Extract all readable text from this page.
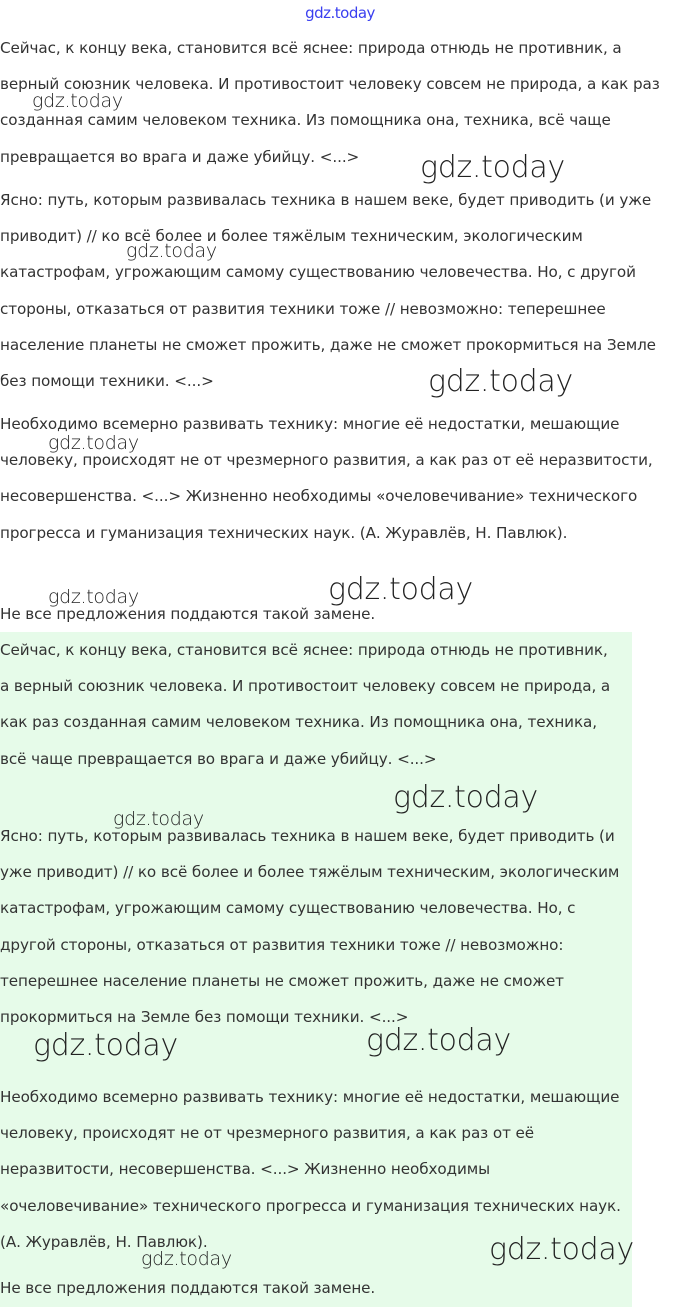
gdz.today

Сейчас, к концу века, становится всё яснее: природа отнюдь не противник, а верный союзник человека. И противостоит человеку совсем не природа, а как раз созданная самим человеком техника. Из помощника она, техника, всё чаще превращается во врага и даже убийцу. <...>

Ясно: путь, которым развивалась техника в нашем веке, будет приводить (и уже приводит) // ко всё более и более тяжёлым техническим, экологическим катастрофам, угрожающим самому существованию человечества. Но, с другой стороны, отказаться от развития техники тоже // невозможно: теперешнее население планеты не сможет прожить, даже не сможет прокормиться на Земле без помощи техники. <...>

Необходимо всемерно развивать технику: многие её недостатки, мешающие человеку, происходят не от чрезмерного развития, а как раз от её неразвитости, несовершенства. <...> Жизненно необходимы «очеловечивание» технического прогресса и гуманизация технических наук. (А. Журавлёв, Н. Павлюк).

Не все предложения поддаются такой замене.

Сейчас, к концу века, становится всё яснее: природа отнюдь не противник, а верный союзник человека. И противостоит человеку совсем не природа, а как раз созданная самим человеком техника. Из помощника она, техника, всё чаще превращается во врага и даже убийцу. <...>

Ясно: путь, которым развивалась техника в нашем веке, будет приводить (и уже приводит) // ко всё более и более тяжёлым техническим, экологическим катастрофам, угрожающим самому существованию человечества. Но, с другой стороны, отказаться от развития техники тоже // невозможно: теперешнее население планеты не сможет прожить, даже не сможет прокормиться на Земле без помощи техники. <...>

Необходимо всемерно развивать технику: многие её недостатки, мешающие человеку, происходят не от чрезмерного развития, а как раз от её неразвитости, несовершенства. <...> Жизненно необходимы «очеловечивание» технического прогресса и гуманизация технических наук. (А. Журавлёв, Н. Павлюк).

Не все предложения поддаются такой замене.

gdz.today
gdz.today
gdz.today
gdz.today
gdz.today
gdz.today
gdz.today
gdz.today
gdz.today
gdz.today	gdz.today
gdz.today
gdz.today
